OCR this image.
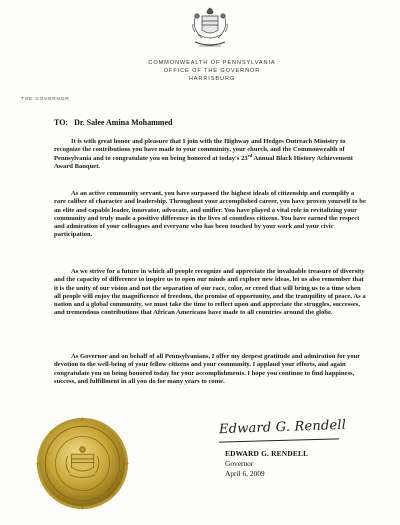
COMMONWEALTH OF PENNSYLVANIA
OFFICE OF THE GOVERNOR
HARRISBURG
THE GOVERNOR
TO: Dr. Salee Amina Mohammed

It is with great honor and pleasure that I join with the Highway and Hedges Outreach Ministry to recognize the contributions you have made to your community, your church, and the Commonwealth of Pennsylvania and to congratulate you on being honored at today's 23rd Annual Black History Achievement Award Banquet.

As an active community servant, you have surpassed the highest ideals of citizenship and exemplify a rare caliber of character and leadership. Throughout your accomplished career, you have proven yourself to be an elite and capable leader, innovator, advocate, and unifier. You have played a vital role in revitalizing your community and truly made a positive difference in the lives of countless citizens. You have earned the respect and admiration of your colleagues and everyone who has been touched by your work and your civic participation.

As we strive for a future in which all people recognize and appreciate the invaluable treasure of diversity and the capacity of difference to inspire us to open our minds and explore new ideas, let us also remember that it is the unity of our vision and not the separation of our race, color, or creed that will bring us to a time when all people will enjoy the magnificence of freedom, the promise of opportunity, and the tranquility of peace. As a nation and a global community, we must take the time to reflect upon and appreciate the struggles, successes, and tremendous contributions that African Americans have made to all countries around the globe.

As Governor and on behalf of all Pennsylvanians, I offer my deepest gratitude and admiration for your devotion to the well-being of your fellow citizens and your community. I applaud your efforts, and again congratulate you on being honored today for your accomplishments. I hope you continue to find happiness, success, and fulfillment in all you do for many years to come.

Edward G. Rendell
EDWARD G. RENDELL
Governor
April 6, 2009
